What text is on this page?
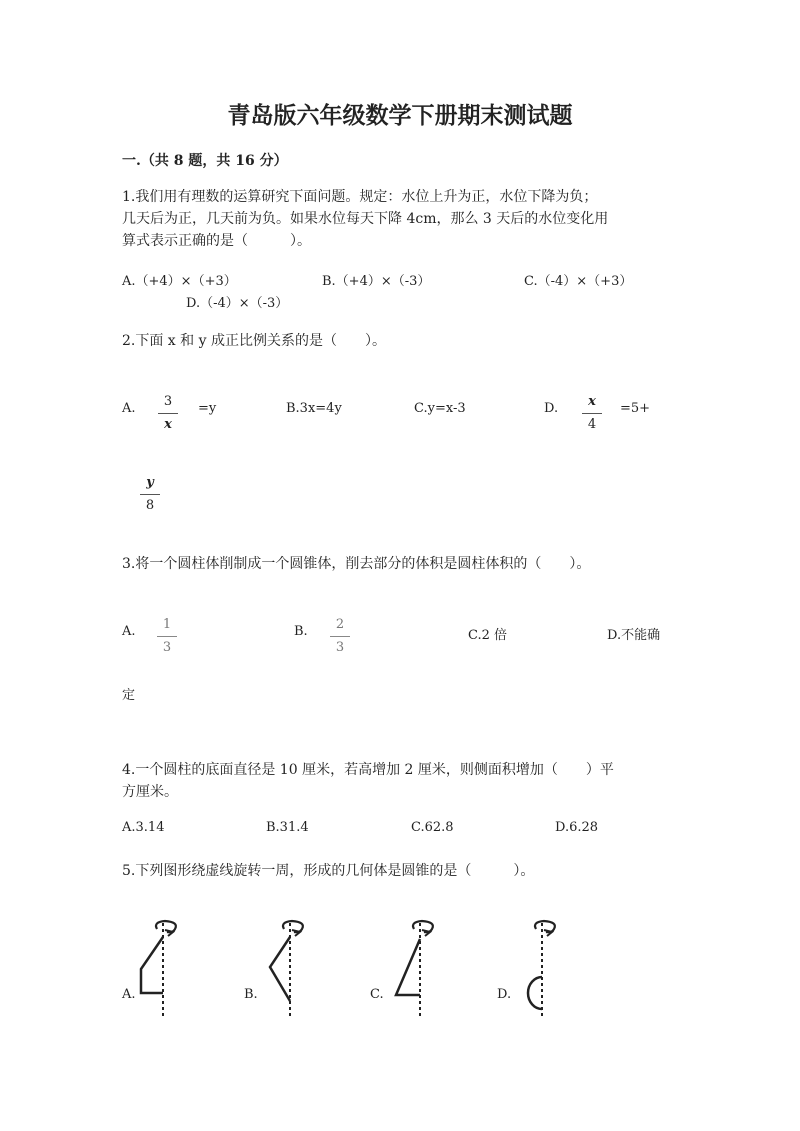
青岛版六年级数学下册期末测试题
一.（共 8 题，共 16 分）
1.我们用有理数的运算研究下面问题。规定：水位上升为正，水位下降为负；
几天后为正，几天前为负。如果水位每天下降 4cm，那么 3 天后的水位变化用
算式表示正确的是（　　　）。
A.（+4）×（+3）	B.（+4）×（-3）	C.（-4）×（+3）
D.（-4）×（-3）
2.下面 x 和 y 成正比例关系的是（　　）。
A.	3
x
=y	B.3x=4y	C.y=x-3	D.	x
4
=5+
y
8
3.将一个圆柱体削制成一个圆锥体，削去部分的体积是圆柱体积的（　　）。
A.	1
3
B.	2
3
C.2 倍	D.不能确
定
4.一个圆柱的底面直径是 10 厘米，若高增加 2 厘米，则侧面积增加（　　）平
方厘米。
A.3.14	B.31.4	C.62.8	D.6.28
5.下列图形绕虚线旋转一周，形成的几何体是圆锥的是（　　　）。
A.	B.	C.	D.
